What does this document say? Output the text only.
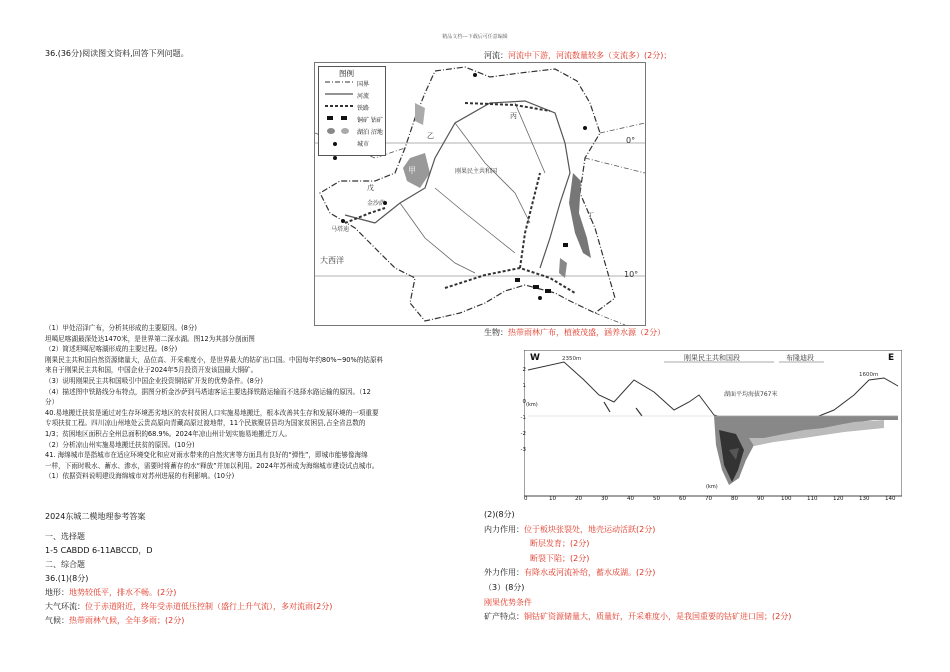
精品文档---下载后可任意编辑
36.(36分)阅读图文资料,回答下列问题。
0°
10°
大西洋
刚果民主共和国
甲
乙
丙
丁
戊
金沙萨
马塔迪
图例
国界
河流
铁路
铜矿 钴矿
湖泊 沼地
城市

（1）甲处沼泽广布，分析其形成的主要原因。(8分)

坦噶尼喀湖最深处达1470米，是世界第二深水湖。图12为其部分剖面图

（2）简述坦噶尼喀湖形成的主要过程。(8分)

刚果民主共和国自然资源储量大，品位高、开采难度小，是世界最大的钴矿出口国。中国每年约80%~90%的钴原料

来自于刚果民主共和国，中国企业于2024年5月投资开发该国最大铜矿。

（3）说明刚果民主共和国吸引中国企业投资铜钴矿开发的优势条件。(8分)

（4）描述图中铁路线分布特点，据图分析金沙萨到马塔迪客运主要选择铁路运输而不选择水路运输的原因。（12

分）

40.易地搬迁扶贫是通过对生存环境恶劣地区的农村贫困人口实施易地搬迁，根本改善其生存和发展环境的一项重要

专项扶贫工程。四川凉山州地处云贵高原向青藏高原过渡地带，11个民族聚居县均为国家贫困县,占全省总数的

1/3；贫困地区面积占全州总面积的68.9%。2024年凉山州计划实施易地搬迁万人。

（2）分析凉山州实施易地搬迁扶贫的原因。(10分)

41. 海绵城市是指城市在适应环境变化和应对雨水带来的自然灾害等方面具有良好的“弹性”，即城市能够像海绵

一样，下雨时吸水、蓄水、渗水，需要时将蓄存的水“释放”并加以利用。2024年苏州成为海绵城市建设试点城市。

（1）依据资料说明建设海绵城市对苏州进展的有利影响。(10分)

2024东城二模地理参考答案
一、选择题
1-5 CABDD 6-11ABCCD，D
二、综合题
36.(1)(8分)
地形：地势较低平，排水不畅。(2分)
大气环流：位于赤道附近，终年受赤道低压控制（盛行上升气流），多对流雨(2分)
气候：热带雨林气候，全年多雨；(2分)
河流：河流中下游，河流数量较多（支流多）(2分)；
生物：热带雨林广布，植被茂盛，涵养水源（2分）
W	E
2350m
1600m
刚果民主共和国段	布隆迪段
湖面平均海拔767米
2
1
0
-1
-2
-3
(km)
(km)
0	10	20	30	40	50	60	70	80	90	100	110	120	130	140
(2)(8分)
内力作用：位于板块张裂处，地壳运动活跃(2分)
断层发育；(2分)
断裂下陷；(2分)
外力作用：有降水或河流补给，蓄水成湖。(2分)
（3）(8分)
刚果优势条件
矿产特点：铜钴矿资源储量大，质量好，开采难度小，是我国重要的钴矿进口国；(2分)
